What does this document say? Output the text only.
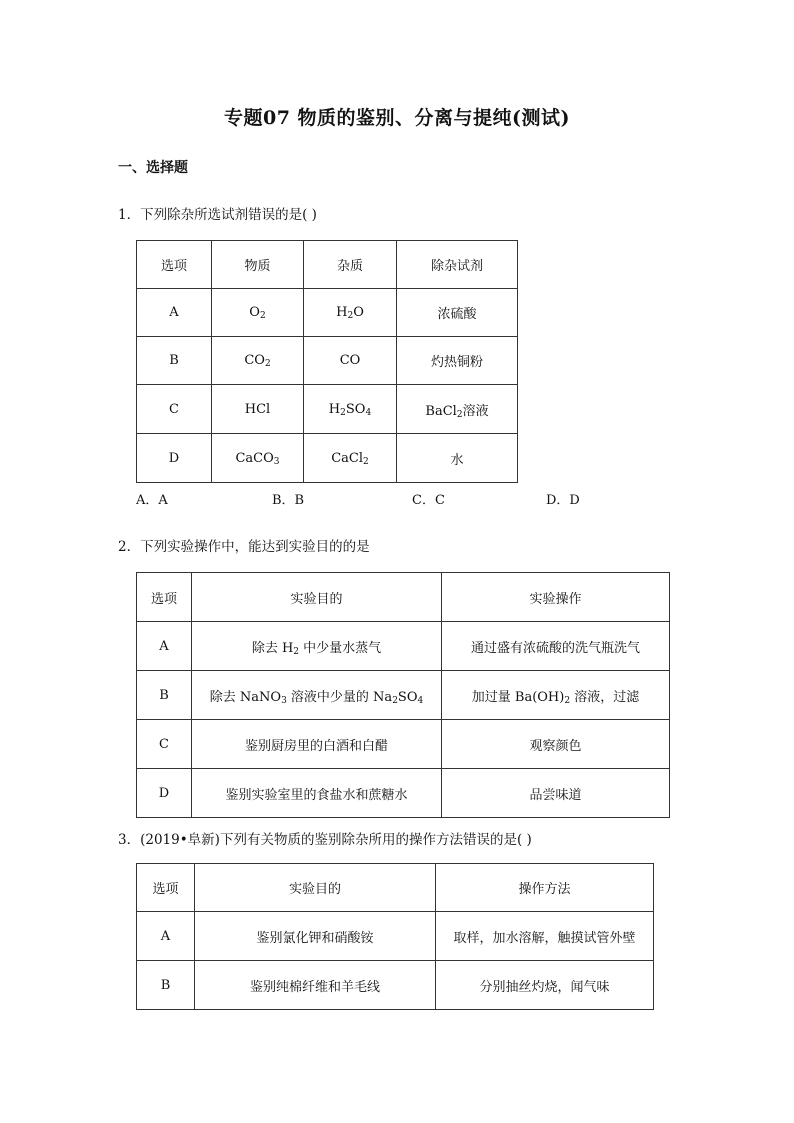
专题07 物质的鉴别、分离与提纯(测试)
一、选择题
1．下列除杂所选试剂错误的是( )
选项	物质	杂质	除杂试剂
A	$O_2$	$H_2O$	浓硫酸
B	$CO_2$	CO	灼热铜粉
C	HCl	$H_2SO_4$	BaCl$_2$溶液
D	CaCO$_3$	CaCl$_2$	水
A．A	B．B	C．C	D．D
2．下列实验操作中，能达到实验目的的是
选项	实验目的	实验操作
A	除去 $H_2$ 中少量水蒸气	通过盛有浓硫酸的洗气瓶洗气
B	除去 NaNO$_3$ 溶液中少量的 $Na_2SO_4$	加过量 $Ba(OH)_2$ 溶液，过滤
C	鉴别厨房里的白酒和白醋	观察颜色
D	鉴别实验室里的食盐水和蔗糖水	品尝味道
3．(2019•阜新)下列有关物质的鉴别除杂所用的操作方法错误的是( )
选项	实验目的	操作方法
A	鉴别氯化钾和硝酸铵	取样，加水溶解，触摸试管外壁
B	鉴别纯棉纤维和羊毛线	分别抽丝灼烧，闻气味
